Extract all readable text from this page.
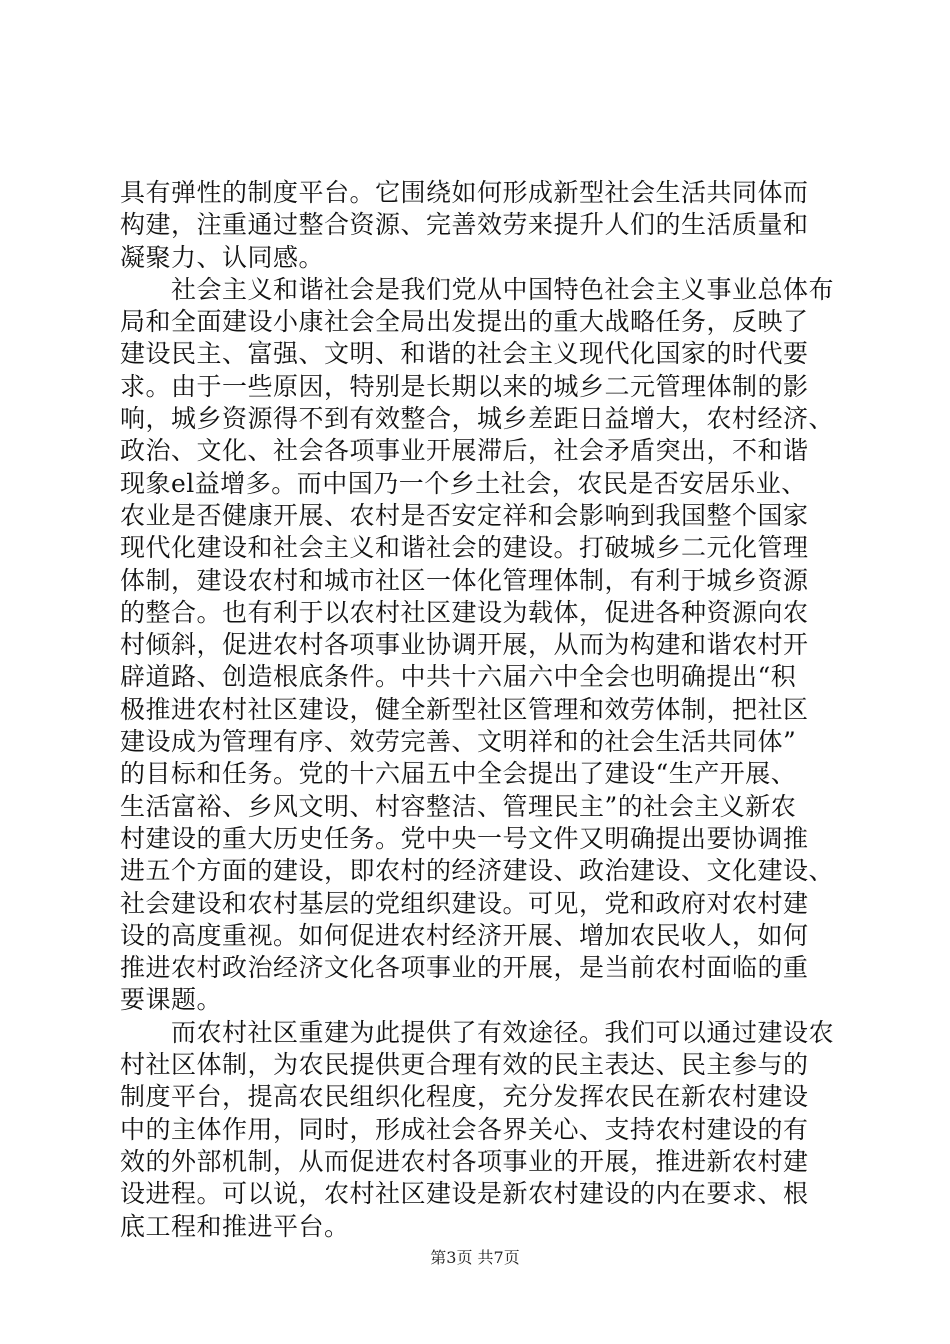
具有弹性的制度平台。它围绕如何形成新型社会生活共同体而
构建，注重通过整合资源、完善效劳来提升人们的生活质量和
凝聚力、认同感。

　　社会主义和谐社会是我们党从中国特色社会主义事业总体布
局和全面建设小康社会全局出发提出的重大战略任务，反映了
建设民主、富强、文明、和谐的社会主义现代化国家的时代要
求。由于一些原因，特别是长期以来的城乡二元管理体制的影
响，城乡资源得不到有效整合，城乡差距日益增大，农村经济、
政治、文化、社会各项事业开展滞后，社会矛盾突出，不和谐
现象el益增多。而中国乃一个乡土社会，农民是否安居乐业、
农业是否健康开展、农村是否安定祥和会影响到我国整个国家
现代化建设和社会主义和谐社会的建设。打破城乡二元化管理
体制，建设农村和城市社区一体化管理体制，有利于城乡资源
的整合。也有利于以农村社区建设为载体，促进各种资源向农
村倾斜，促进农村各项事业协调开展，从而为构建和谐农村开
辟道路、创造根底条件。中共十六届六中全会也明确提出“积
极推进农村社区建设，健全新型社区管理和效劳体制，把社区
建设成为管理有序、效劳完善、文明祥和的社会生活共同体”
的目标和任务。党的十六届五中全会提出了建设“生产开展、
生活富裕、乡风文明、村容整洁、管理民主”的社会主义新农
村建设的重大历史任务。党中央一号文件又明确提出要协调推
进五个方面的建设，即农村的经济建设、政治建设、文化建设、
社会建设和农村基层的党组织建设。可见，党和政府对农村建
设的高度重视。如何促进农村经济开展、增加农民收人，如何
推进农村政治经济文化各项事业的开展，是当前农村面临的重
要课题。

　　而农村社区重建为此提供了有效途径。我们可以通过建设农
村社区体制，为农民提供更合理有效的民主表达、民主参与的
制度平台，提高农民组织化程度，充分发挥农民在新农村建设
中的主体作用，同时，形成社会各界关心、支持农村建设的有
效的外部机制，从而促进农村各项事业的开展，推进新农村建
设进程。可以说，农村社区建设是新农村建设的内在要求、根
底工程和推进平台。

第3页 共7页
